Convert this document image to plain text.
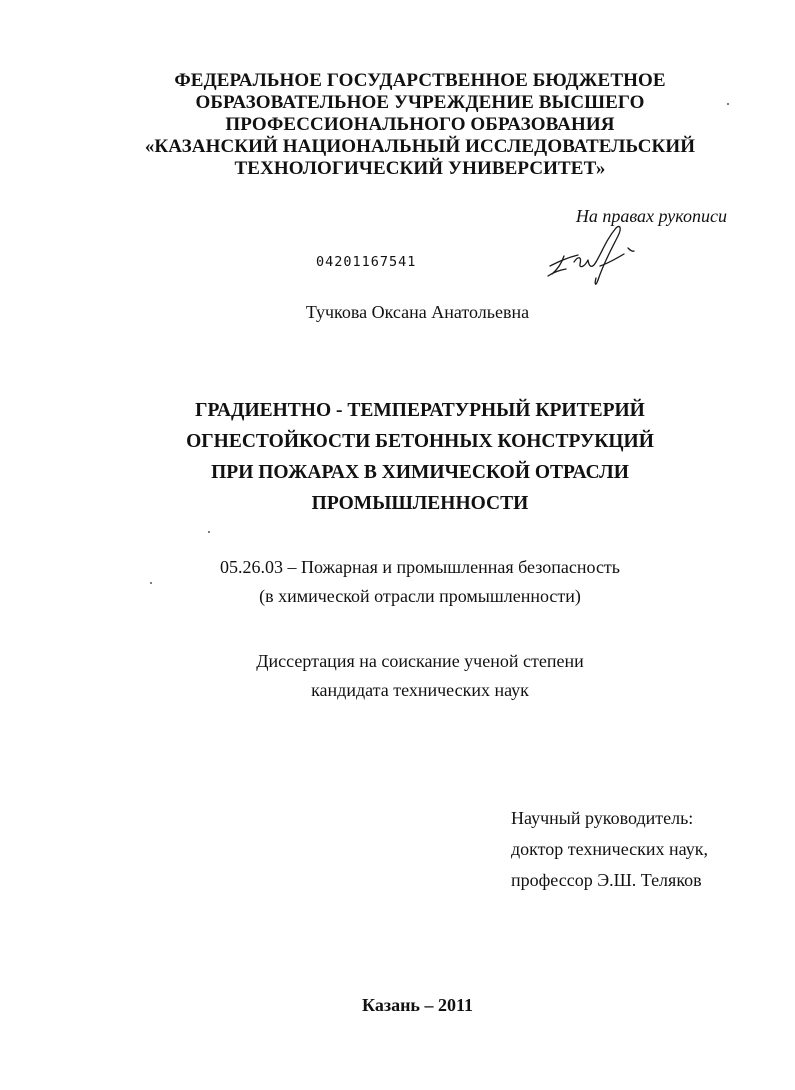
ФЕДЕРАЛЬНОЕ ГОСУДАРСТВЕННОЕ БЮДЖЕТНОЕ
ОБРАЗОВАТЕЛЬНОЕ УЧРЕЖДЕНИЕ ВЫСШЕГО
ПРОФЕССИОНАЛЬНОГО ОБРАЗОВАНИЯ
«КАЗАНСКИЙ НАЦИОНАЛЬНЫЙ ИССЛЕДОВАТЕЛЬСКИЙ
ТЕХНОЛОГИЧЕСКИЙ УНИВЕРСИТЕТ»
На правах рукописи
04201167541
Тучкова Оксана Анатольевна
ГРАДИЕНТНО - ТЕМПЕРАТУРНЫЙ КРИТЕРИЙ
ОГНЕСТОЙКОСТИ БЕТОННЫХ КОНСТРУКЦИЙ
ПРИ ПОЖАРАХ В ХИМИЧЕСКОЙ ОТРАСЛИ
ПРОМЫШЛЕННОСТИ
05.26.03 – Пожарная и промышленная безопасность
(в химической отрасли промышленности)
Диссертация на соискание ученой степени
кандидата технических наук
Научный руководитель:
доктор технических наук,
профессор Э.Ш. Теляков
Казань – 2011
